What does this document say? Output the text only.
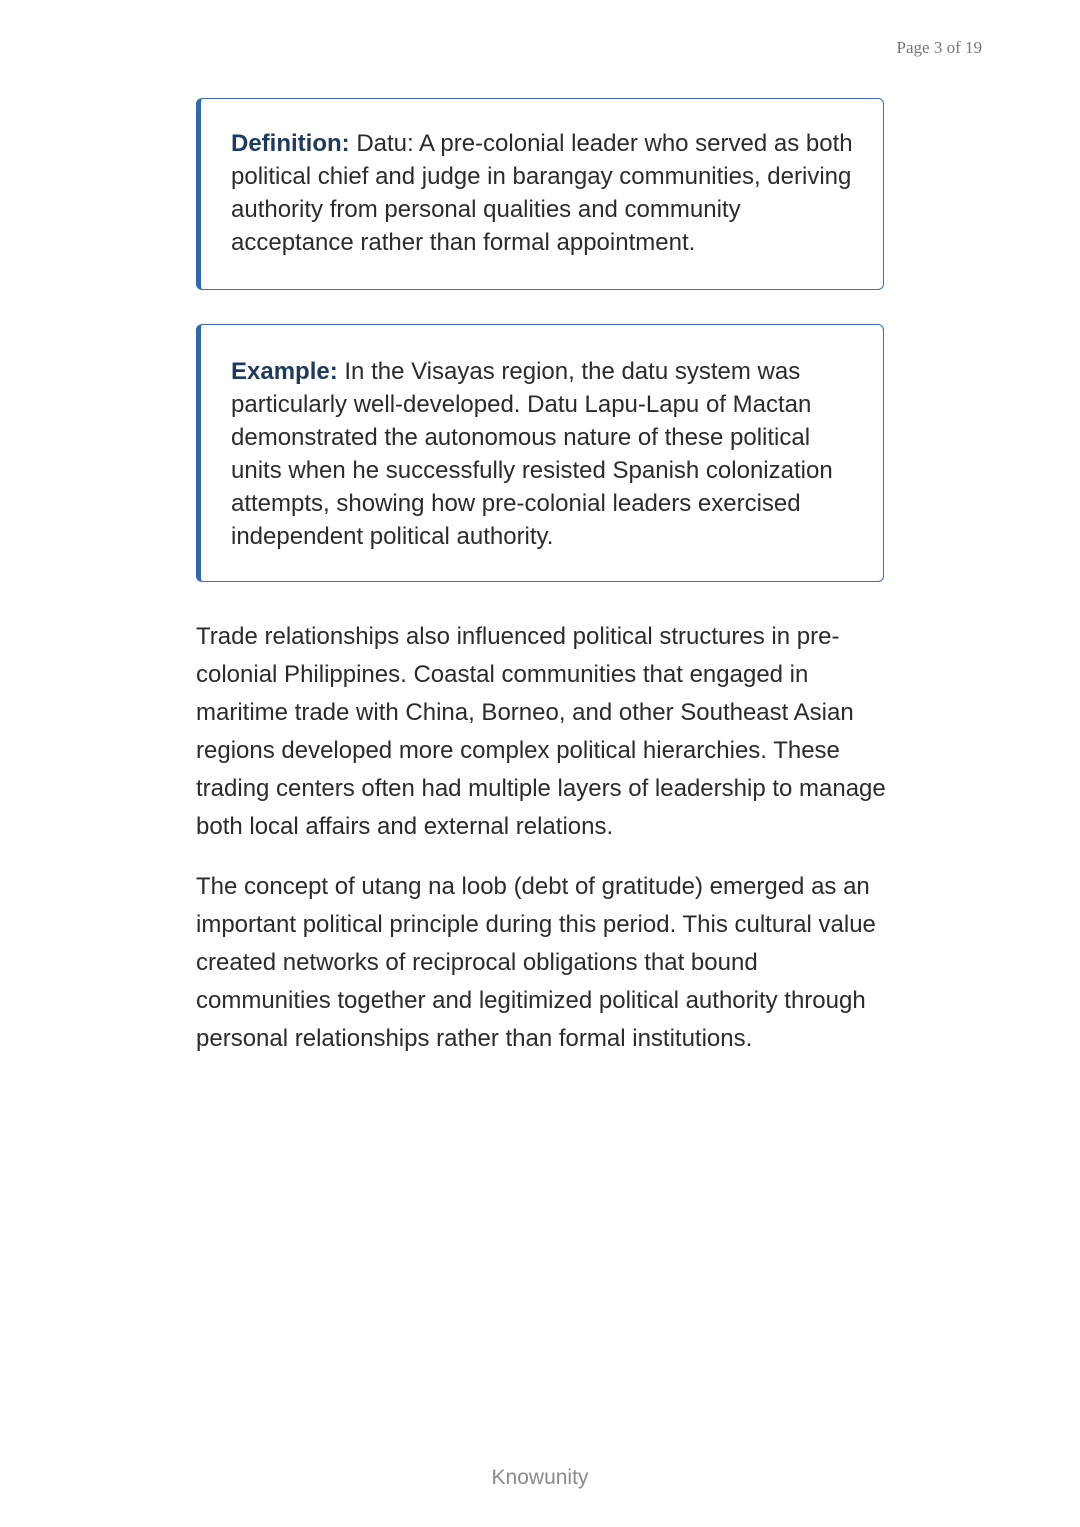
Page 3 of 19
Definition: Datu: A pre-colonial leader who served as both political chief and judge in barangay communities, deriving authority from personal qualities and community acceptance rather than formal appointment.
Example: In the Visayas region, the datu system was particularly well-developed. Datu Lapu-Lapu of Mactan demonstrated the autonomous nature of these political units when he successfully resisted Spanish colonization attempts, showing how pre-colonial leaders exercised independent political authority.

Trade relationships also influenced political structures in pre-colonial Philippines. Coastal communities that engaged in maritime trade with China, Borneo, and other Southeast Asian regions developed more complex political hierarchies. These trading centers often had multiple layers of leadership to manage both local affairs and external relations.

The concept of utang na loob (debt of gratitude) emerged as an important political principle during this period. This cultural value created networks of reciprocal obligations that bound communities together and legitimized political authority through personal relationships rather than formal institutions.

Knowunity
